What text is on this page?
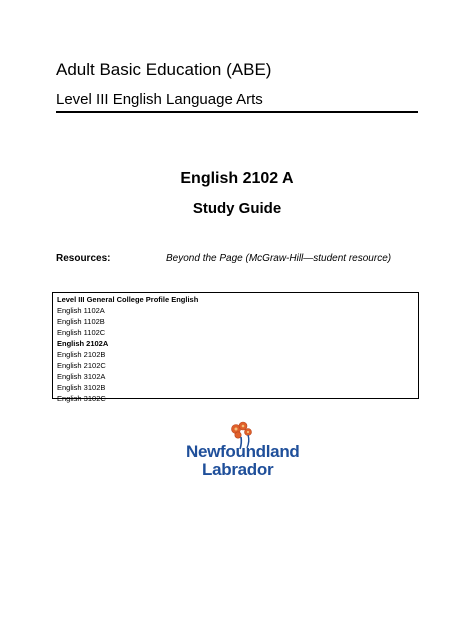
Adult Basic Education (ABE)
Level III English Language Arts
English 2102 A
Study Guide
Resources:	Beyond the Page (McGraw-Hill—student resource)
Level III General College Profile English
English 1102A
English 1102B
English 1102C
English 2102A
English 2102B
English 2102C
English 3102A
English 3102B
English 3102C
Newfoundland
Labrador
